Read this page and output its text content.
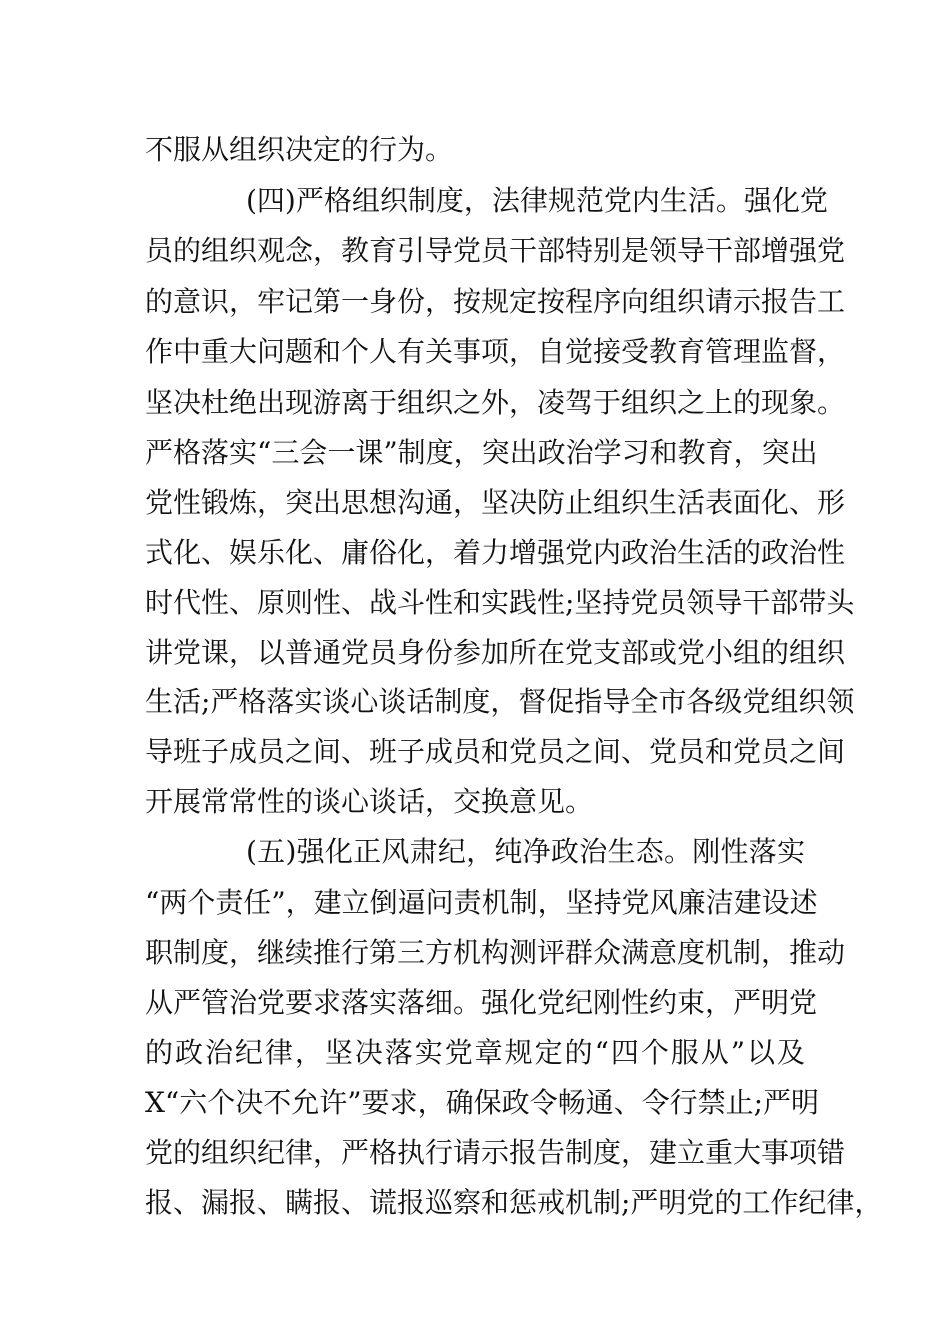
不服从组织决定的行为。
(四)严格组织制度，法律规范党内生活。强化党
员的组织观念，教育引导党员干部特别是领导干部增强党
的意识，牢记第一身份，按规定按程序向组织请示报告工
作中重大问题和个人有关事项，自觉接受教育管理监督，
坚决杜绝出现游离于组织之外，凌驾于组织之上的现象。
严格落实“三会一课”制度，突出政治学习和教育，突出
党性锻炼，突出思想沟通，坚决防止组织生活表面化、形
式化、娱乐化、庸俗化，着力增强党内政治生活的政治性
时代性、原则性、战斗性和实践性;坚持党员领导干部带头
讲党课，以普通党员身份参加所在党支部或党小组的组织
生活;严格落实谈心谈话制度，督促指导全市各级党组织领
导班子成员之间、班子成员和党员之间、党员和党员之间
开展常常性的谈心谈话，交换意见。
(五)强化正风肃纪，纯净政治生态。刚性落实
“两个责任”，建立倒逼问责机制，坚持党风廉洁建设述
职制度，继续推行第三方机构测评群众满意度机制，推动
从严管治党要求落实落细。强化党纪刚性约束，严明党
的政治纪律，坚决落实党章规定的“四个服从”以及
X“六个决不允许”要求，确保政令畅通、令行禁止;严明
党的组织纪律，严格执行请示报告制度，建立重大事项错
报、漏报、瞒报、谎报巡察和惩戒机制;严明党的工作纪律，
